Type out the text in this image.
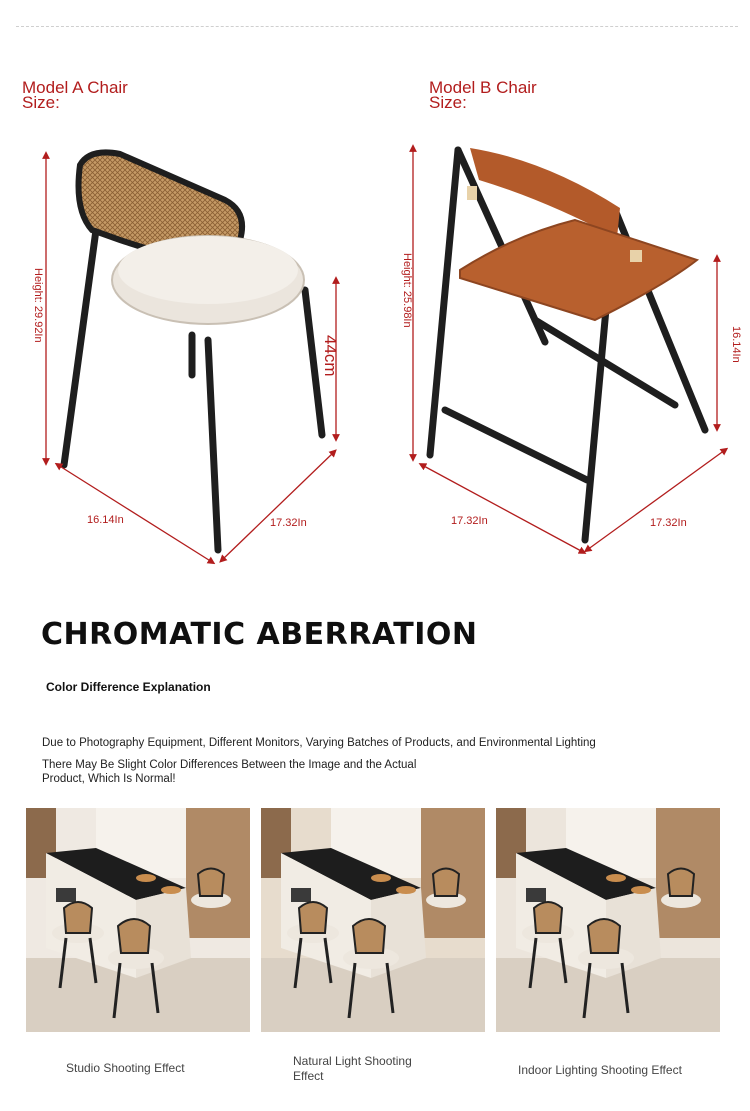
Model A Chair
Size:
Height: 29.92In
44cm
16.14In	17.32In
Model B Chair
Size:
Height: 25.98In
16.14In
17.32In	17.32In
CHROMATIC ABERRATION
Color Difference Explanation
Due to Photography Equipment, Different Monitors, Varying Batches of Products, and Environmental Lighting
There May Be Slight Color Differences Between the Image and the Actual
Product, Which Is Normal!
Studio Shooting Effect	Natural Light Shooting
Effect	Indoor Lighting Shooting Effect
